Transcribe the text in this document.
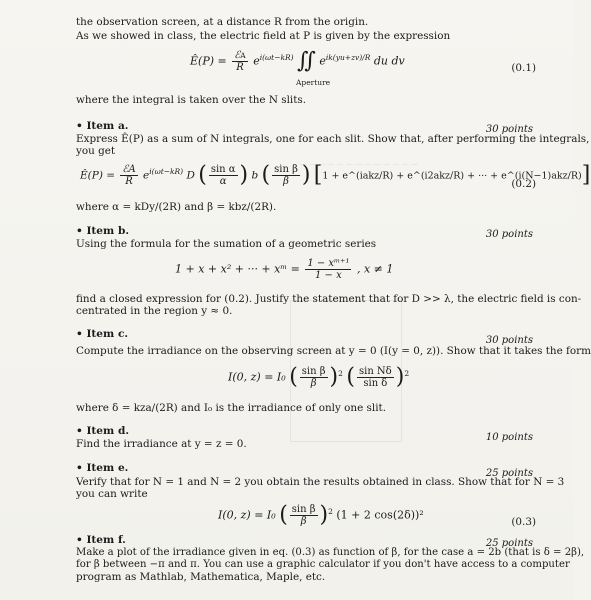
— — — — — — — — — — — — —
the observation screen, at a distance R from the origin.
As we showed in class, the electric field at P is given by the expression
Ê(P) = $\frac{\text{ℰA}}{R} e^{i(\omega t-kR)}$ ∬ $e^{ik(yu+zv)/R}$ du dv
Aperture
(0.1)
where the integral is taken over the N slits.
• Item a.	30 points
Express Ê(P) as a sum of N integrals, one for each slit. Show that, after performing the integrals,
you get
Ê(P) = $\frac{\text{ℰA}}{R} e^{i(\omega t-kR)}$ D ( $\frac{\text{sin α}}{\alpha}$ ) b ( $\frac{\text{sin β}}{\beta}$ ) [1 + e^(iakz/R) + e^(i2akz/R) + ··· + e^(i(N−1)akz/R)]
(0.2)
where α = kDy/(2R) and β = kbz/(2R).
• Item b.	30 points
Using the formula for the sumation of a geometric series
1 + x + x² + ··· + xᵐ = $\frac{\text{1 − xᵐ⁺¹}}{1 - x}$ , x ≠ 1
find a closed expression for (0.2). Justify the statement that for D >> λ, the electric field is con-
centrated in the region y ≈ 0.
• Item c.
30 points
Compute the irradiance on the observing screen at y = 0 (I(y = 0, z)). Show that it takes the form
I(0, z) = I₀ ( $\frac{\text{sin β}}{\beta} )^2$ ( $\frac{\text{sin Nδ}}{\text{sin δ}} )^2$
where δ = kza/(2R) and I₀ is the irradiance of only one slit.
• Item d.
10 points
Find the irradiance at y = z = 0.
• Item e.	25 points
Verify that for N = 1 and N = 2 you obtain the results obtained in class. Show that for N = 3
you can write
I(0, z) = I₀ ( $\frac{\text{sin β}}{\beta} )^2$ (1 + 2 cos(2δ))²
(0.3)
• Item f.	25 points
Make a plot of the irradiance given in eq. (0.3) as function of β, for the case a = 2b (that is δ = 2β),
for β between −π and π. You can use a graphic calculator if you don't have access to a computer
program as Mathlab, Mathematica, Maple, etc.
